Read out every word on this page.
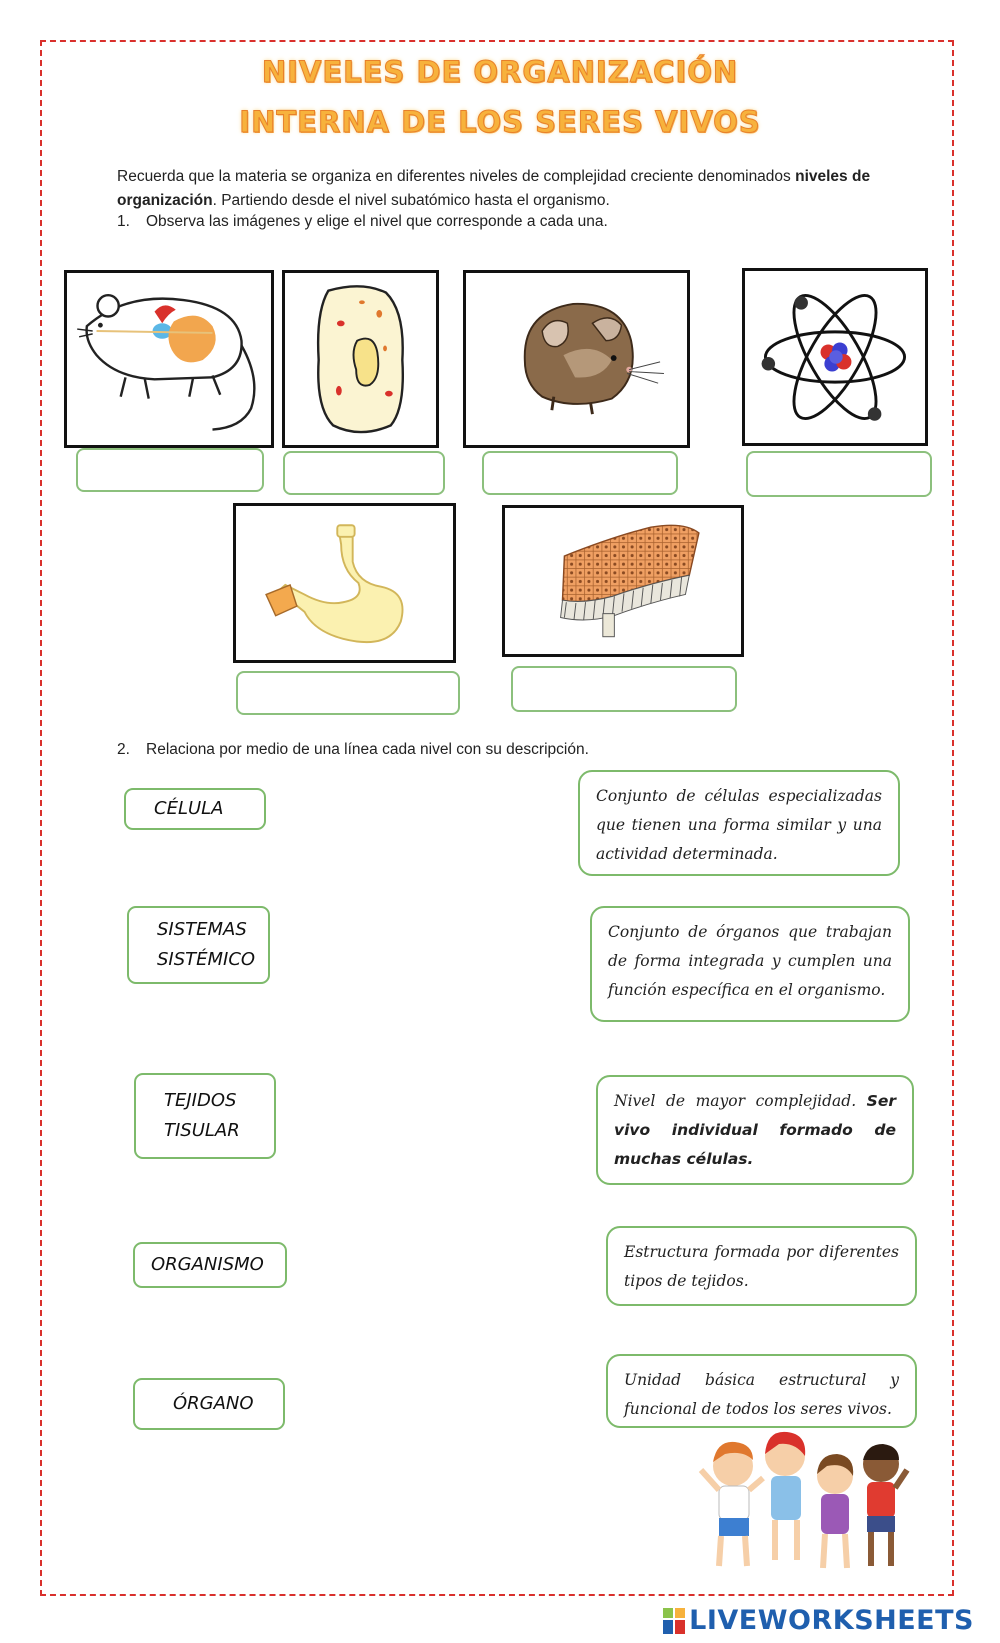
NIVELES DE ORGANIZACIÓN
INTERNA DE LOS SERES VIVOS
Recuerda que la materia se organiza en diferentes niveles de complejidad creciente denominados niveles de organización. Partiendo desde el nivel subatómico hasta el organismo.
1. Observa las imágenes y elige el nivel que corresponde a cada una.
2. Relaciona por medio de una línea cada nivel con su descripción.
CÉLULA
SISTEMAS
SISTÉMICO
TEJIDOS
TISULAR
ORGANISMO
ÓRGANO
Conjunto de células especializadas que tienen una forma similar y una actividad determinada.
Conjunto de órganos que trabajan de forma integrada y cumplen una función específica en el organismo.
Nivel de mayor complejidad. Ser vivo individual formado de muchas células.
Estructura formada por diferentes tipos de tejidos.
Unidad básica estructural y funcional de todos los seres vivos.
LIVEWORKSHEETS
